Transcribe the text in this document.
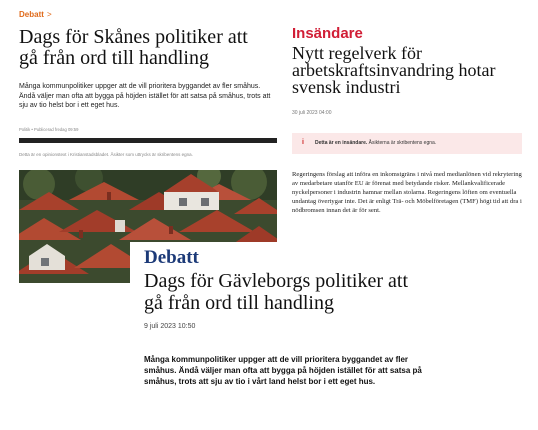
Debatt >
Dags för Skånes politiker att gå från ord till handling
Många kommunpolitiker uppger att de vill prioritera byggandet av fler småhus. Ändå väljer man ofta att bygga på höjden istället för att satsa på småhus, trots att sju av tio helst bor i ett eget hus.
Politik • Publicerad fredag 09:59
Detta är en opinionstext i Kristianstadsbladet. Åsikter som uttrycks är skribentens egna.
Insändare
Nytt regelverk för arbetskraftsinvandring hotar svensk industri
30 juli 2023 04:00
i Detta är en insändare. Åsikterna är skribentens egna.
Regeringens förslag att införa en inkomstgräns i nivå med medianlönen vid rekrytering av medarbetare utanför EU är förenat med betydande risker. Mellankvalificerade nyckelpersoner i industrin hamnar mellan stolarna. Regeringens löften om eventuella undantag övertygar inte. Det är enligt Trä- och Möbelföretagen (TMF) högt tid att dra i nödbromsen innan det är för sent.
Debatt
Dags för Gävleborgs politiker att gå från ord till handling
9 juli 2023 10:50
Många kommunpolitiker uppger att de vill prioritera byggandet av fler småhus. Ändå väljer man ofta att bygga på höjden istället för att satsa på småhus, trots att sju av tio i vårt land helst bor i ett eget hus.
